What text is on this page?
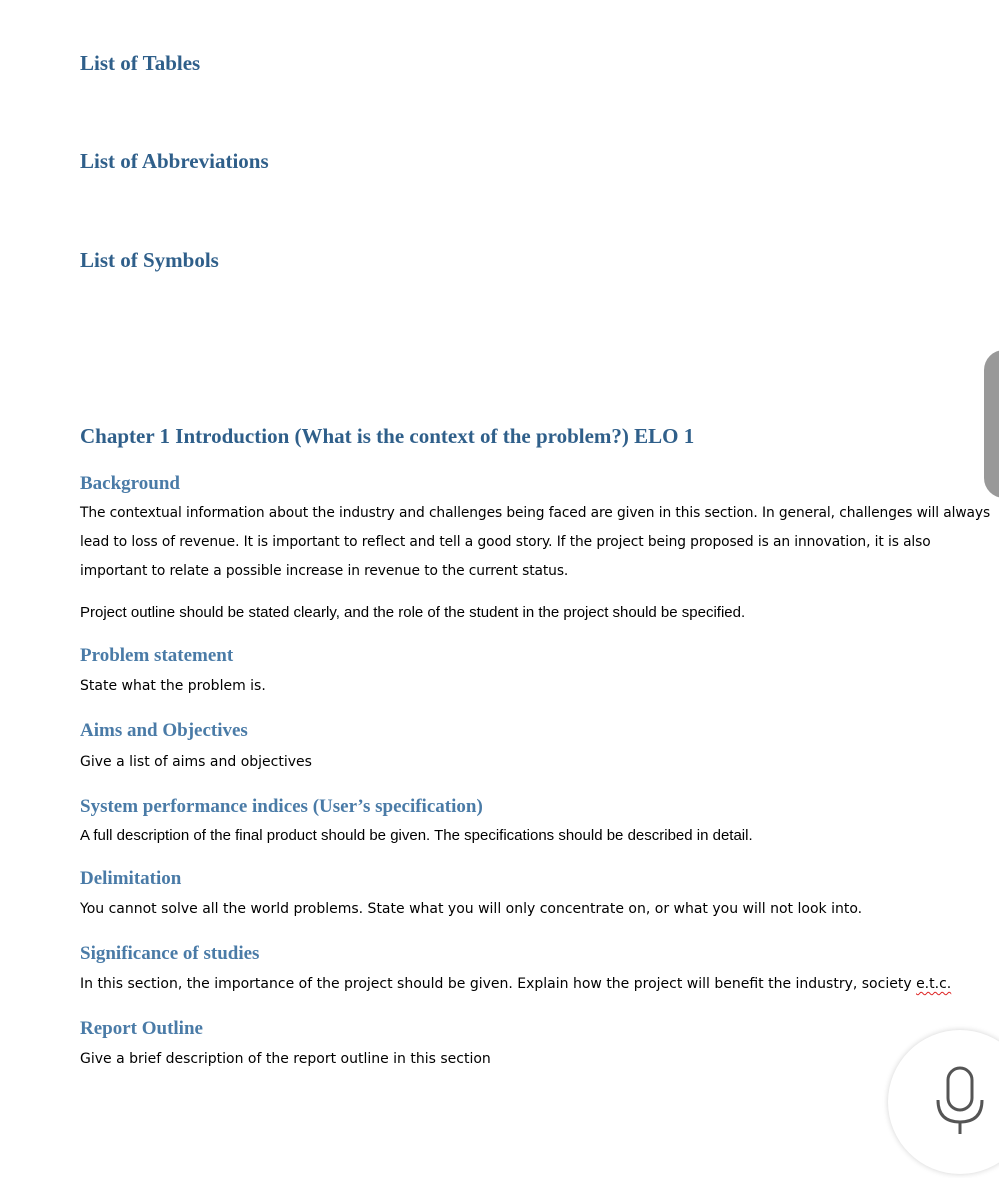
List of Tables
List of Abbreviations
List of Symbols
Chapter 1 Introduction (What is the context of the problem?) ELO 1
Background

The contextual information about the industry and challenges being faced are given in this section. In general, challenges will always lead to loss of revenue. It is important to reflect and tell a good story. If the project being proposed is an innovation, it is also important to relate a possible increase in revenue to the current status.

Project outline should be stated clearly, and the role of the student in the project should be specified.

Problem statement

State what the problem is.

Aims and Objectives

Give a list of aims and objectives

System performance indices (User’s specification)

A full description of the final product should be given. The specifications should be described in detail.

Delimitation

You cannot solve all the world problems. State what you will only concentrate on, or what you will not look into.

Significance of studies

In this section, the importance of the project should be given. Explain how the project will benefit the industry, society e.t.c.

Report Outline

Give a brief description of the report outline in this section
